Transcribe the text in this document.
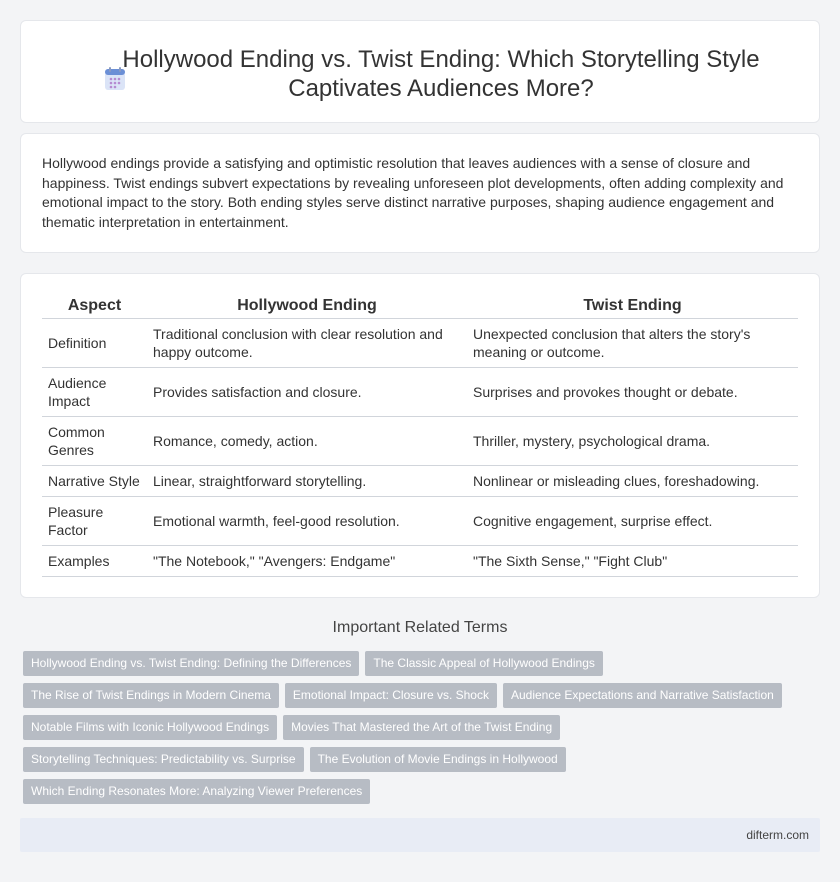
Hollywood Ending vs. Twist Ending: Which Storytelling Style Captivates Audiences More?

Hollywood endings provide a satisfying and optimistic resolution that leaves audiences with a sense of closure and happiness. Twist endings subvert expectations by revealing unforeseen plot developments, often adding complexity and emotional impact to the story. Both ending styles serve distinct narrative purposes, shaping audience engagement and thematic interpretation in entertainment.

Aspect	Hollywood Ending	Twist Ending
Definition	Traditional conclusion with clear resolution and happy outcome.	Unexpected conclusion that alters the story's meaning or outcome.
Audience Impact	Provides satisfaction and closure.	Surprises and provokes thought or debate.
Common Genres	Romance, comedy, action.	Thriller, mystery, psychological drama.
Narrative Style	Linear, straightforward storytelling.	Nonlinear or misleading clues, foreshadowing.
Pleasure Factor	Emotional warmth, feel-good resolution.	Cognitive engagement, surprise effect.
Examples	"The Notebook," "Avengers: Endgame"	"The Sixth Sense," "Fight Club"
Important Related Terms
Hollywood Ending vs. Twist Ending: Defining the Differences The Classic Appeal of Hollywood Endings
The Rise of Twist Endings in Modern Cinema Emotional Impact: Closure vs. Shock Audience Expectations and Narrative Satisfaction
Notable Films with Iconic Hollywood Endings Movies That Mastered the Art of the Twist Ending
Storytelling Techniques: Predictability vs. Surprise The Evolution of Movie Endings in Hollywood
Which Ending Resonates More: Analyzing Viewer Preferences
difterm.com
